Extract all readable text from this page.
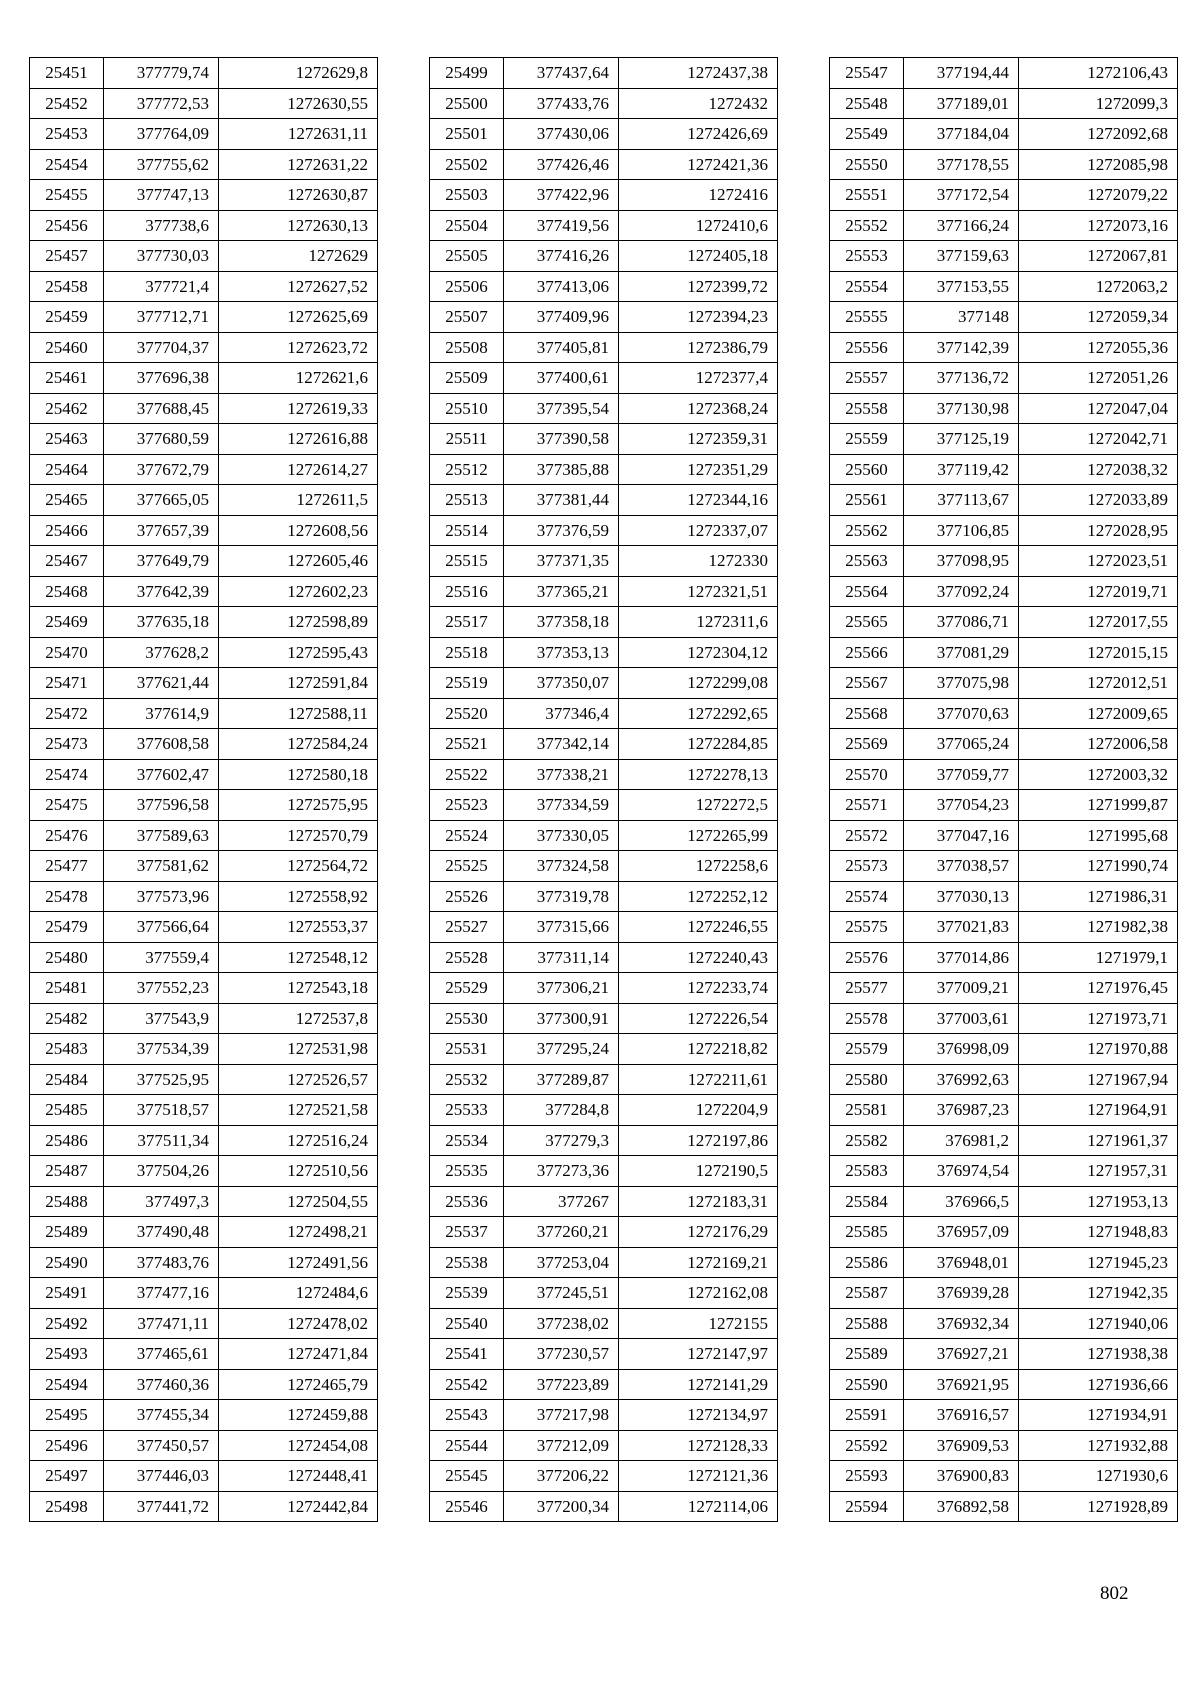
25451	377779,74	1272629,8
25452	377772,53	1272630,55
25453	377764,09	1272631,11
25454	377755,62	1272631,22
25455	377747,13	1272630,87
25456	377738,6	1272630,13
25457	377730,03	1272629
25458	377721,4	1272627,52
25459	377712,71	1272625,69
25460	377704,37	1272623,72
25461	377696,38	1272621,6
25462	377688,45	1272619,33
25463	377680,59	1272616,88
25464	377672,79	1272614,27
25465	377665,05	1272611,5
25466	377657,39	1272608,56
25467	377649,79	1272605,46
25468	377642,39	1272602,23
25469	377635,18	1272598,89
25470	377628,2	1272595,43
25471	377621,44	1272591,84
25472	377614,9	1272588,11
25473	377608,58	1272584,24
25474	377602,47	1272580,18
25475	377596,58	1272575,95
25476	377589,63	1272570,79
25477	377581,62	1272564,72
25478	377573,96	1272558,92
25479	377566,64	1272553,37
25480	377559,4	1272548,12
25481	377552,23	1272543,18
25482	377543,9	1272537,8
25483	377534,39	1272531,98
25484	377525,95	1272526,57
25485	377518,57	1272521,58
25486	377511,34	1272516,24
25487	377504,26	1272510,56
25488	377497,3	1272504,55
25489	377490,48	1272498,21
25490	377483,76	1272491,56
25491	377477,16	1272484,6
25492	377471,11	1272478,02
25493	377465,61	1272471,84
25494	377460,36	1272465,79
25495	377455,34	1272459,88
25496	377450,57	1272454,08
25497	377446,03	1272448,41
25498	377441,72	1272442,84
25499	377437,64	1272437,38
25500	377433,76	1272432
25501	377430,06	1272426,69
25502	377426,46	1272421,36
25503	377422,96	1272416
25504	377419,56	1272410,6
25505	377416,26	1272405,18
25506	377413,06	1272399,72
25507	377409,96	1272394,23
25508	377405,81	1272386,79
25509	377400,61	1272377,4
25510	377395,54	1272368,24
25511	377390,58	1272359,31
25512	377385,88	1272351,29
25513	377381,44	1272344,16
25514	377376,59	1272337,07
25515	377371,35	1272330
25516	377365,21	1272321,51
25517	377358,18	1272311,6
25518	377353,13	1272304,12
25519	377350,07	1272299,08
25520	377346,4	1272292,65
25521	377342,14	1272284,85
25522	377338,21	1272278,13
25523	377334,59	1272272,5
25524	377330,05	1272265,99
25525	377324,58	1272258,6
25526	377319,78	1272252,12
25527	377315,66	1272246,55
25528	377311,14	1272240,43
25529	377306,21	1272233,74
25530	377300,91	1272226,54
25531	377295,24	1272218,82
25532	377289,87	1272211,61
25533	377284,8	1272204,9
25534	377279,3	1272197,86
25535	377273,36	1272190,5
25536	377267	1272183,31
25537	377260,21	1272176,29
25538	377253,04	1272169,21
25539	377245,51	1272162,08
25540	377238,02	1272155
25541	377230,57	1272147,97
25542	377223,89	1272141,29
25543	377217,98	1272134,97
25544	377212,09	1272128,33
25545	377206,22	1272121,36
25546	377200,34	1272114,06
25547	377194,44	1272106,43
25548	377189,01	1272099,3
25549	377184,04	1272092,68
25550	377178,55	1272085,98
25551	377172,54	1272079,22
25552	377166,24	1272073,16
25553	377159,63	1272067,81
25554	377153,55	1272063,2
25555	377148	1272059,34
25556	377142,39	1272055,36
25557	377136,72	1272051,26
25558	377130,98	1272047,04
25559	377125,19	1272042,71
25560	377119,42	1272038,32
25561	377113,67	1272033,89
25562	377106,85	1272028,95
25563	377098,95	1272023,51
25564	377092,24	1272019,71
25565	377086,71	1272017,55
25566	377081,29	1272015,15
25567	377075,98	1272012,51
25568	377070,63	1272009,65
25569	377065,24	1272006,58
25570	377059,77	1272003,32
25571	377054,23	1271999,87
25572	377047,16	1271995,68
25573	377038,57	1271990,74
25574	377030,13	1271986,31
25575	377021,83	1271982,38
25576	377014,86	1271979,1
25577	377009,21	1271976,45
25578	377003,61	1271973,71
25579	376998,09	1271970,88
25580	376992,63	1271967,94
25581	376987,23	1271964,91
25582	376981,2	1271961,37
25583	376974,54	1271957,31
25584	376966,5	1271953,13
25585	376957,09	1271948,83
25586	376948,01	1271945,23
25587	376939,28	1271942,35
25588	376932,34	1271940,06
25589	376927,21	1271938,38
25590	376921,95	1271936,66
25591	376916,57	1271934,91
25592	376909,53	1271932,88
25593	376900,83	1271930,6
25594	376892,58	1271928,89
802
